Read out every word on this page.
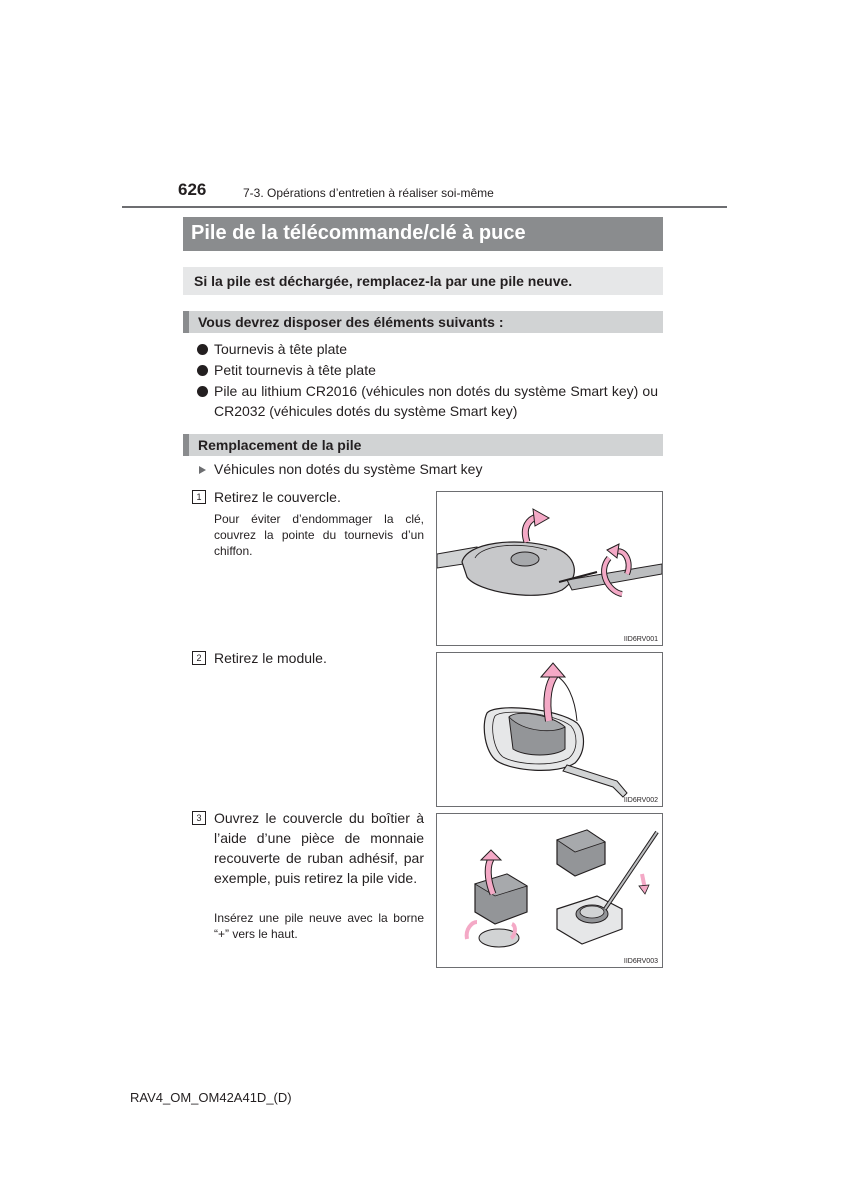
626	7-3. Opérations d’entretien à réaliser soi-même
Pile de la télécommande/clé à puce
Si la pile est déchargée, remplacez-la par une pile neuve.
Vous devrez disposer des éléments suivants :
Tournevis à tête plate
Petit tournevis à tête plate
Pile au lithium CR2016 (véhicules non dotés du système Smart key) ou CR2032 (véhicules dotés du système Smart key)
Remplacement de la pile
Véhicules non dotés du système Smart key
1 Retirez le couvercle.
Pour éviter d’endommager la clé, couvrez la pointe du tournevis d’un chiffon.
IID6RV001
2 Retirez le module.
IID6RV002
3 Ouvrez le couvercle du boîtier à l’aide d’une pièce de monnaie recouverte de ruban adhésif, par exemple, puis retirez la pile vide.
Insérez une pile neuve avec la borne “+” vers le haut.
IID6RV003
RAV4_OM_OM42A41D_(D)
